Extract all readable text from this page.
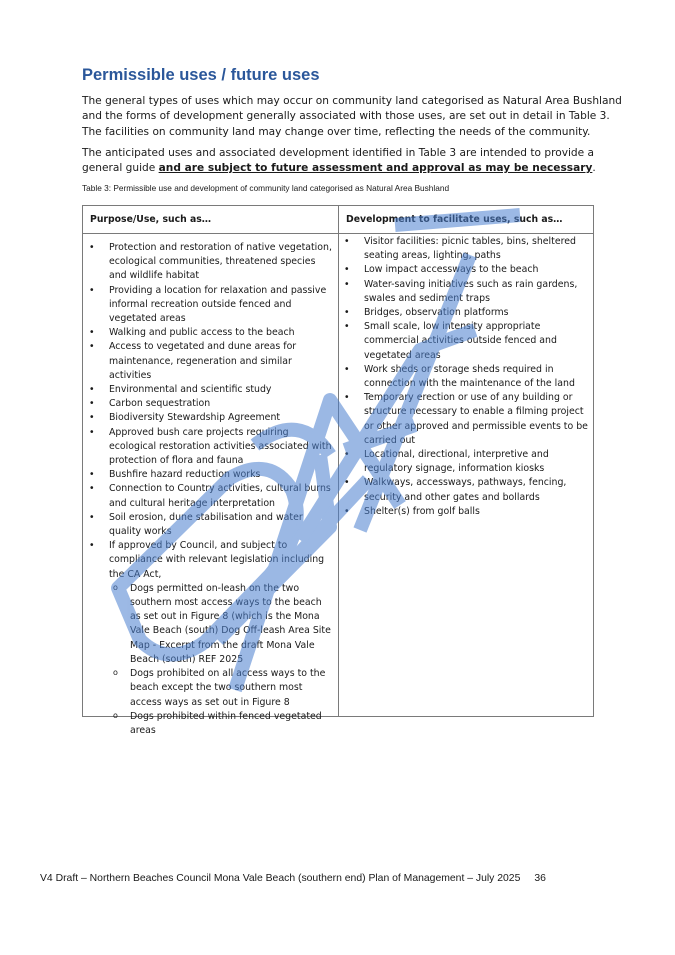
Permissible uses / future uses

The general types of uses which may occur on community land categorised as Natural Area Bushland and the forms of development generally associated with those uses, are set out in detail in Table 3. The facilities on community land may change over time, reflecting the needs of the community.

The anticipated uses and associated development identified in Table 3 are intended to provide a general guide and are subject to future assessment and approval as may be necessary.

Table 3: Permissible use and development of community land categorised as Natural Area Bushland

Purpose/Use, such as…	Development to facilitate uses, such as…
• Protection and restoration of native vegetation, ecological communities, threatened species and wildlife habitat
• Providing a location for relaxation and passive informal recreation outside fenced and vegetated areas
• Walking and public access to the beach
• Access to vegetated and dune areas for maintenance, regeneration and similar activities
• Environmental and scientific study
• Carbon sequestration
• Biodiversity Stewardship Agreement
• Approved bush care projects requiring ecological restoration activities associated with protection of flora and fauna
• Bushfire hazard reduction works
• Connection to Country activities, cultural burns and cultural heritage interpretation
• Soil erosion, dune stabilisation and water quality works
• If approved by Council, and subject to compliance with relevant legislation including the CA Act,
o Dogs permitted on-leash on the two southern most access ways to the beach as set out in Figure 8 (which is the Mona Vale Beach (south) Dog Off-leash Area Site Map - Excerpt from the draft Mona Vale Beach (south) REF 2025
o Dogs prohibited on all access ways to the beach except the two southern most access ways as set out in Figure 8
o Dogs prohibited within fenced vegetated areas
• Visitor facilities: picnic tables, bins, sheltered seating areas, lighting, paths
• Low impact accessways to the beach
• Water-saving initiatives such as rain gardens, swales and sediment traps
• Bridges, observation platforms
• Small scale, low intensity appropriate commercial activities outside fenced and vegetated areas
• Work sheds or storage sheds required in connection with the maintenance of the land
• Temporary erection or use of any building or structure necessary to enable a filming project or other approved and permissible events to be carried out
• Locational, directional, interpretive and regulatory signage, information kiosks
• Walkways, accessways, pathways, fencing, security and other gates and bollards
• Shelter(s) from golf balls

V4 Draft – Northern Beaches Council Mona Vale Beach (southern end) Plan of Management – July 2025 36
